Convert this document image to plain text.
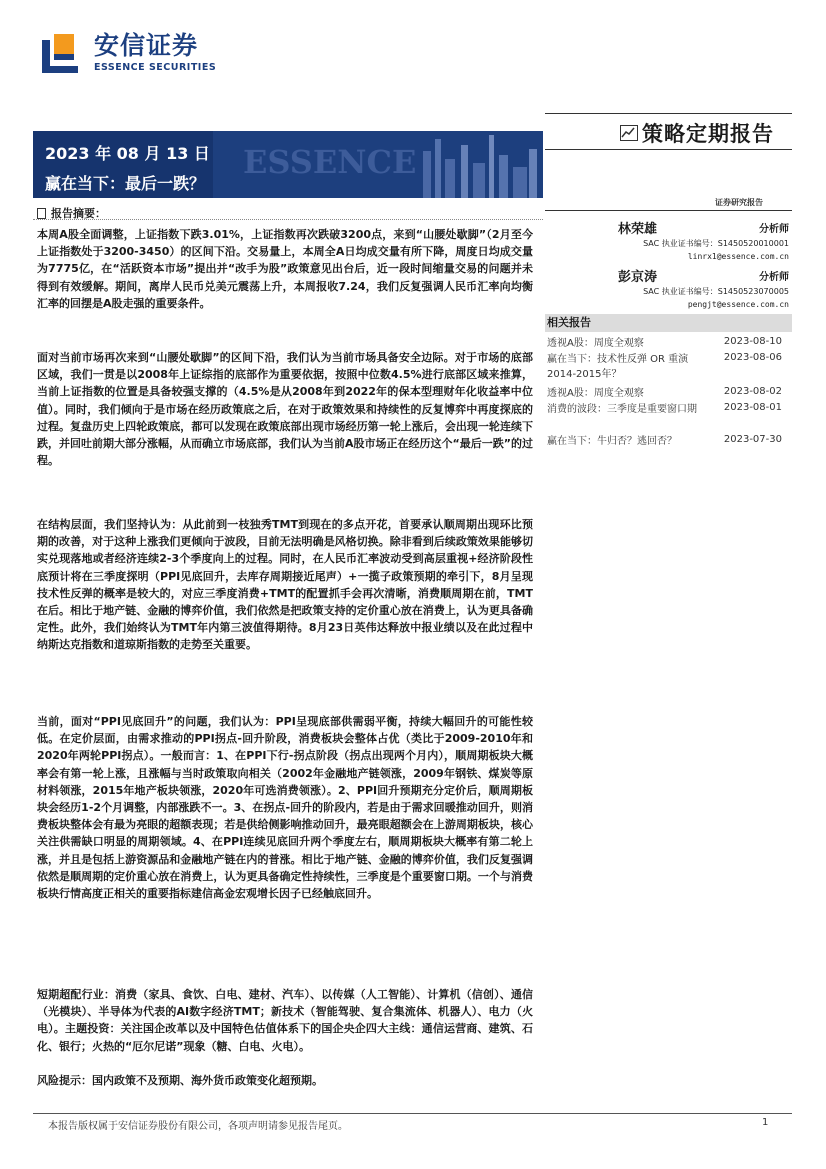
安信证券
ESSENCE SECURITIES
策略定期报告
证券研究报告
ESSENCE
2023 年 08 月 13 日
赢在当下：最后一跌？
报告摘要：
本周A股全面调整，上证指数下跌3.01%，上证指数再次跌破3200点，来到“山腰处歇脚”（2月至今上证指数处于3200-3450）的区间下沿。交易量上，本周全A日均成交量有所下降，周度日均成交量为7775亿，在“活跃资本市场”提出并“改手为股”政策意见出台后，近一段时间缩量交易的问题并未得到有效缓解。期间，离岸人民币兑美元震荡上升，本周报收7.24，我们反复强调人民币汇率向均衡汇率的回摆是A股走强的重要条件。
面对当前市场再次来到“山腰处歇脚”的区间下沿，我们认为当前市场具备安全边际。对于市场的底部区域，我们一贯是以2008年上证综指的底部作为重要依据，按照中位数4.5%进行底部区域来推算，当前上证指数的位置是具备较强支撑的（4.5%是从2008年到2022年的保本型理财年化收益率中位值）。同时，我们倾向于是市场在经历政策底之后，在对于政策效果和持续性的反复博弈中再度探底的过程。复盘历史上四轮政策底，都可以发现在政策底部出现市场经历第一轮上涨后，会出现一轮连续下跌，并回吐前期大部分涨幅，从而确立市场底部，我们认为当前A股市场正在经历这个“最后一跌”的过程。
在结构层面，我们坚持认为：从此前到一枝独秀TMT到现在的多点开花，首要承认顺周期出现环比预期的改善，对于这种上涨我们更倾向于波段，目前无法明确是风格切换。除非看到后续政策效果能够切实兑现落地或者经济连续2-3个季度向上的过程。同时，在人民币汇率波动受到高层重视+经济阶段性底预计将在三季度探明（PPI见底回升，去库存周期接近尾声）+一揽子政策预期的牵引下，8月呈现技术性反弹的概率是较大的，对应三季度消费+TMT的配置抓手会再次清晰，消费顺周期在前，TMT在后。相比于地产链、金融的博弈价值，我们依然是把政策支持的定价重心放在消费上，认为更具备确定性。此外，我们始终认为TMT年内第三波值得期待。8月23日英伟达释放中报业绩以及在此过程中纳斯达克指数和道琼斯指数的走势至关重要。
当前，面对“PPI见底回升”的问题，我们认为：PPI呈现底部供需弱平衡，持续大幅回升的可能性较低。在定价层面，由需求推动的PPI拐点-回升阶段，消费板块会整体占优（类比于2009-2010年和2020年两轮PPI拐点）。一般而言：1、在PPI下行-拐点阶段（拐点出现两个月内），顺周期板块大概率会有第一轮上涨，且涨幅与当时政策取向相关（2002年金融地产链领涨，2009年钢铁、煤炭等原材料领涨，2015年地产板块领涨，2020年可选消费领涨）。2、PPI回升预期充分定价后，顺周期板块会经历1-2个月调整，内部涨跌不一。3、在拐点-回升的阶段内，若是由于需求回暖推动回升，则消费板块整体会有最为亮眼的超额表现；若是供给侧影响推动回升，最亮眼超额会在上游周期板块，核心关注供需缺口明显的周期领域。4、在PPI连续见底回升两个季度左右，顺周期板块大概率有第二轮上涨，并且是包括上游资源品和金融地产链在内的普涨。相比于地产链、金融的博弈价值，我们反复强调依然是顺周期的定价重心放在消费上，认为更具备确定性持续性，三季度是个重要窗口期。一个与消费板块行情高度正相关的重要指标建信高金宏观增长因子已经触底回升。
短期超配行业：消费（家具、食饮、白电、建材、汽车）、以传媒（人工智能）、计算机（信创）、通信（光模块）、半导体为代表的AI数字经济TMT；新技术（智能驾驶、复合集流体、机器人）、电力（火电）。主题投资：关注国企改革以及中国特色估值体系下的国企央企四大主线：通信运营商、建筑、石化、银行；火热的“厄尔尼诺”现象（糖、白电、火电）。
风险提示：国内政策不及预期、海外货币政策变化超预期。
林荣雄	分析师
SAC 执业证书编号：S1450520010001
linrx1@essence.com.cn
彭京涛	分析师
SAC 执业证书编号：S1450523070005
pengjt@essence.com.cn
相关报告
透视A股：周度全观察	2023-08-10
赢在当下：技术性反弹 OR 重演2014-2015年？
2023-08-06
透视A股：周度全观察	2023-08-02
消费的波段：三季度是重要窗口期	2023-08-01
赢在当下：牛归否？逃回否？	2023-07-30
本报告版权属于安信证券股份有限公司，各项声明请参见报告尾页。	1
